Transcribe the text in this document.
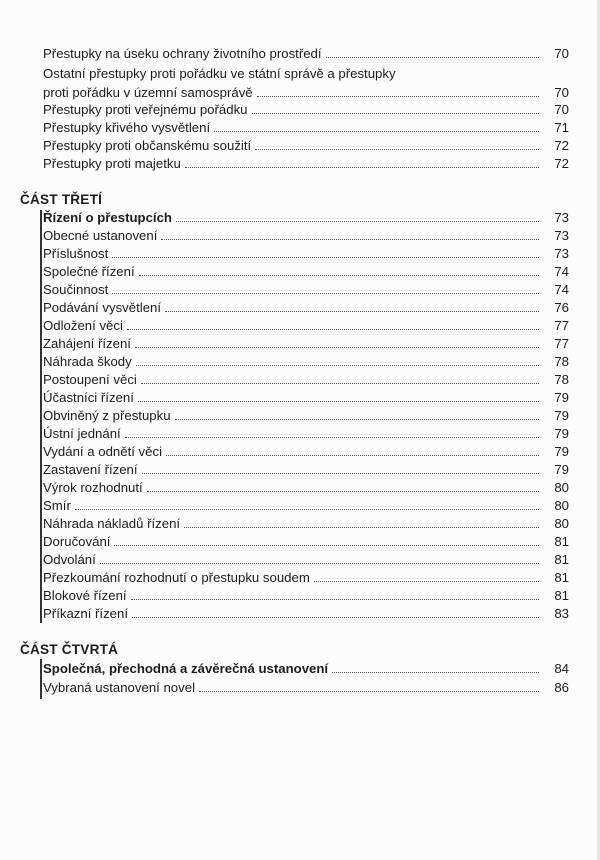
Přestupky na úseku ochrany životního prostředí	70
Ostatní přestupky proti pořádku ve státní správě a přestupky
proti pořádku v územní samosprávě	70
Přestupky proti veřejnému pořádku	70
Přestupky křivého vysvětlení	71
Přestupky proti občanskému soužití	72
Přestupky proti majetku	72
ČÁST TŘETÍ
Řízení o přestupcích	73
Obecné ustanovení	73
Příslušnost	73
Společné řízení	74
Součinnost	74
Podávání vysvětlení	76
Odložení věci	77
Zahájení řízení	77
Náhrada škody	78
Postoupení věci	78
Účastníci řízení	79
Obviněný z přestupku	79
Ústní jednání	79
Vydání a odnětí věci	79
Zastavení řízení	79
Výrok rozhodnutí	80
Smír	80
Náhrada nákladů řízení	80
Doručování	81
Odvolání	81
Přezkoumání rozhodnutí o přestupku soudem	81
Blokové řízení	81
Příkazní řízení	83
ČÁST ČTVRTÁ
Společná, přechodná a závěrečná ustanovení	84
Vybraná ustanovení novel	86
